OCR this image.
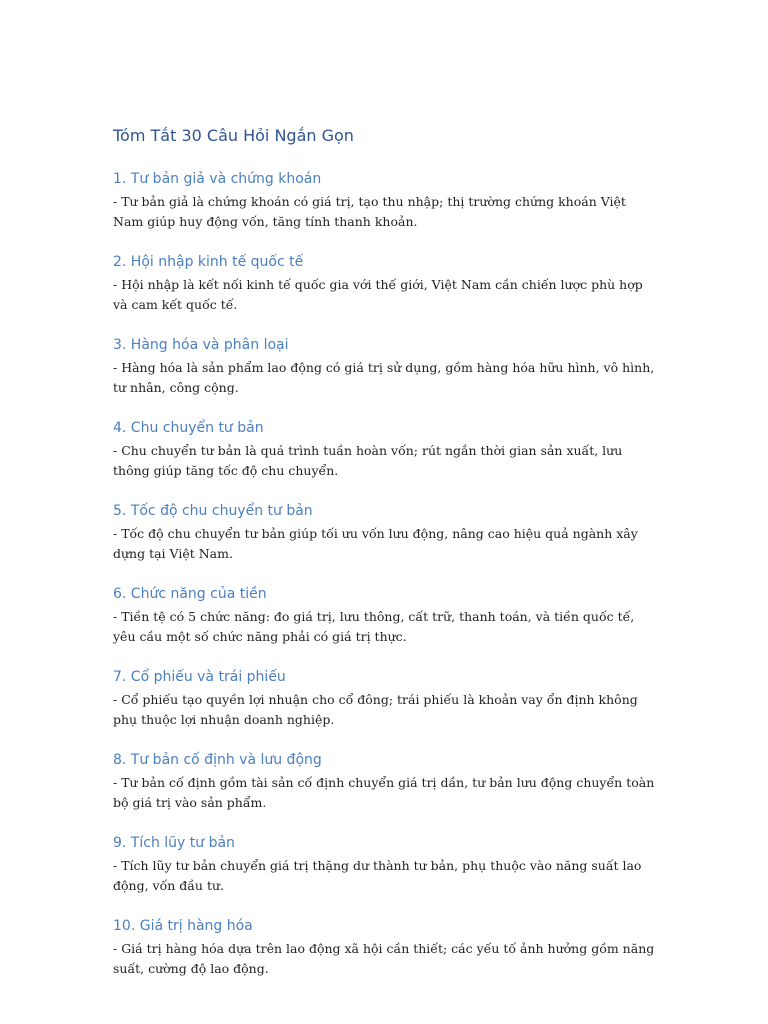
Tóm Tắt 30 Câu Hỏi Ngắn Gọn
1. Tư bản giả và chứng khoán

- Tư bản giả là chứng khoán có giá trị, tạo thu nhập; thị trường chứng khoán Việt Nam giúp huy động vốn, tăng tính thanh khoản.

2. Hội nhập kinh tế quốc tế

- Hội nhập là kết nối kinh tế quốc gia với thế giới, Việt Nam cần chiến lược phù hợp và cam kết quốc tế.

3. Hàng hóa và phân loại

- Hàng hóa là sản phẩm lao động có giá trị sử dụng, gồm hàng hóa hữu hình, vô hình, tư nhân, công cộng.

4. Chu chuyển tư bản

- Chu chuyển tư bản là quá trình tuần hoàn vốn; rút ngắn thời gian sản xuất, lưu thông giúp tăng tốc độ chu chuyển.

5. Tốc độ chu chuyển tư bản

- Tốc độ chu chuyển tư bản giúp tối ưu vốn lưu động, nâng cao hiệu quả ngành xây dựng tại Việt Nam.

6. Chức năng của tiền

- Tiền tệ có 5 chức năng: đo giá trị, lưu thông, cất trữ, thanh toán, và tiền quốc tế, yêu cầu một số chức năng phải có giá trị thực.

7. Cổ phiếu và trái phiếu

- Cổ phiếu tạo quyền lợi nhuận cho cổ đông; trái phiếu là khoản vay ổn định không phụ thuộc lợi nhuận doanh nghiệp.

8. Tư bản cố định và lưu động

- Tư bản cố định gồm tài sản cố định chuyển giá trị dần, tư bản lưu động chuyển toàn bộ giá trị vào sản phẩm.

9. Tích lũy tư bản

- Tích lũy tư bản chuyển giá trị thặng dư thành tư bản, phụ thuộc vào năng suất lao động, vốn đầu tư.

10. Giá trị hàng hóa

- Giá trị hàng hóa dựa trên lao động xã hội cần thiết; các yếu tố ảnh hưởng gồm năng suất, cường độ lao động.
